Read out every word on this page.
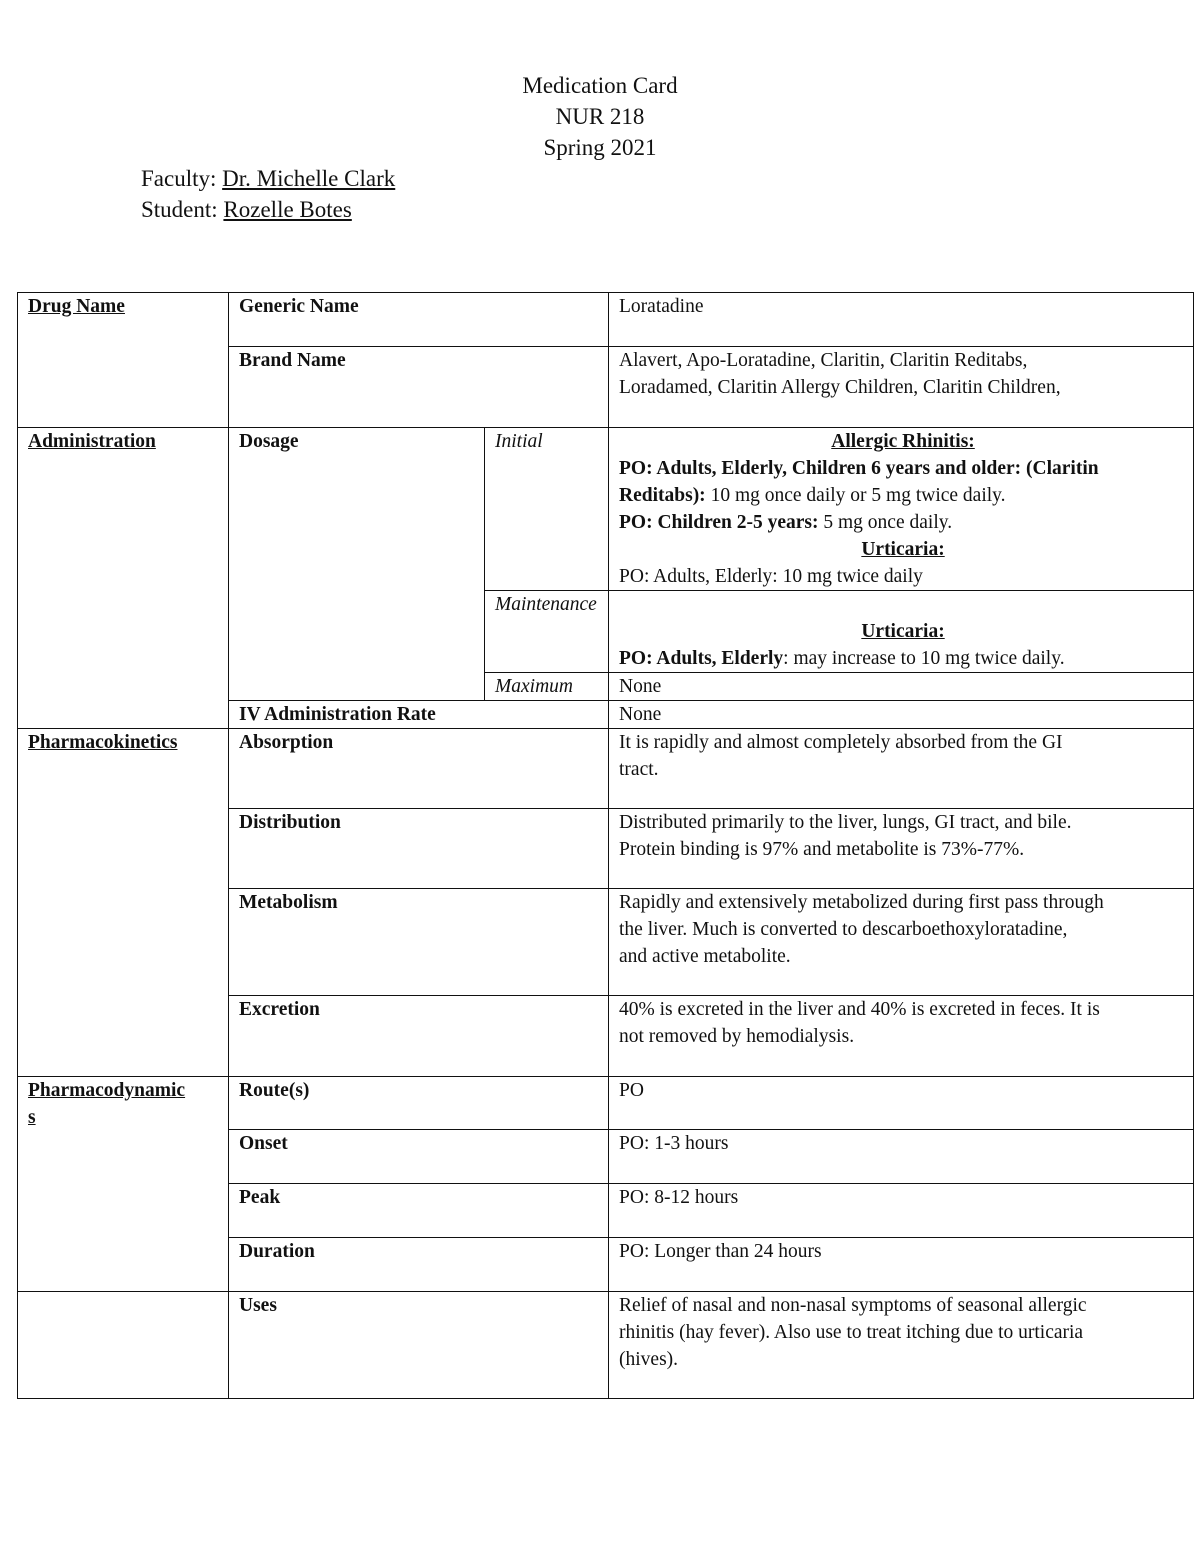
Medication Card
NUR 218
Spring 2021
Faculty: Dr. Michelle Clark
Student: Rozelle Botes
Drug Name	Generic Name		Loratadine
	Brand Name		Alavert, Apo-Loratadine, Claritin, Claritin Reditabs,

Loradamed, Claritin Allergy Children, Claritin Children,

Administration	Dosage	Initial	Allergic Rhinitis:

PO: Adults, Elderly, Children 6 years and older: (Claritin Reditabs): 10 mg once daily or 5 mg twice daily.

PO: Children 2-5 years: 5 mg once daily.

Urticaria:

PO: Adults, Elderly: 10 mg twice daily

		Maintenance	Urticaria:

PO: Adults, Elderly: may increase to 10 mg twice daily.

		Maximum	None
	IV Administration Rate		None
Pharmacokinetics	Absorption		It is rapidly and almost completely absorbed from the GI

tract.

	Distribution		Distributed primarily to the liver, lungs, GI tract, and bile.

Protein binding is 97% and metabolite is 73%-77%.

	Metabolism		Rapidly and extensively metabolized during first pass through

the liver. Much is converted to descarboethoxyloratadine,

and active metabolite.

	Excretion		40% is excreted in the liver and 40% is excreted in feces. It is

not removed by hemodialysis.

Pharmacodynamic

s	Route(s)		PO
	Onset		PO: 1-3 hours
	Peak		PO: 8-12 hours
	Duration		PO: Longer than 24 hours
	Uses		Relief of nasal and non-nasal symptoms of seasonal allergic

rhinitis (hay fever). Also use to treat itching due to urticaria

(hives).
